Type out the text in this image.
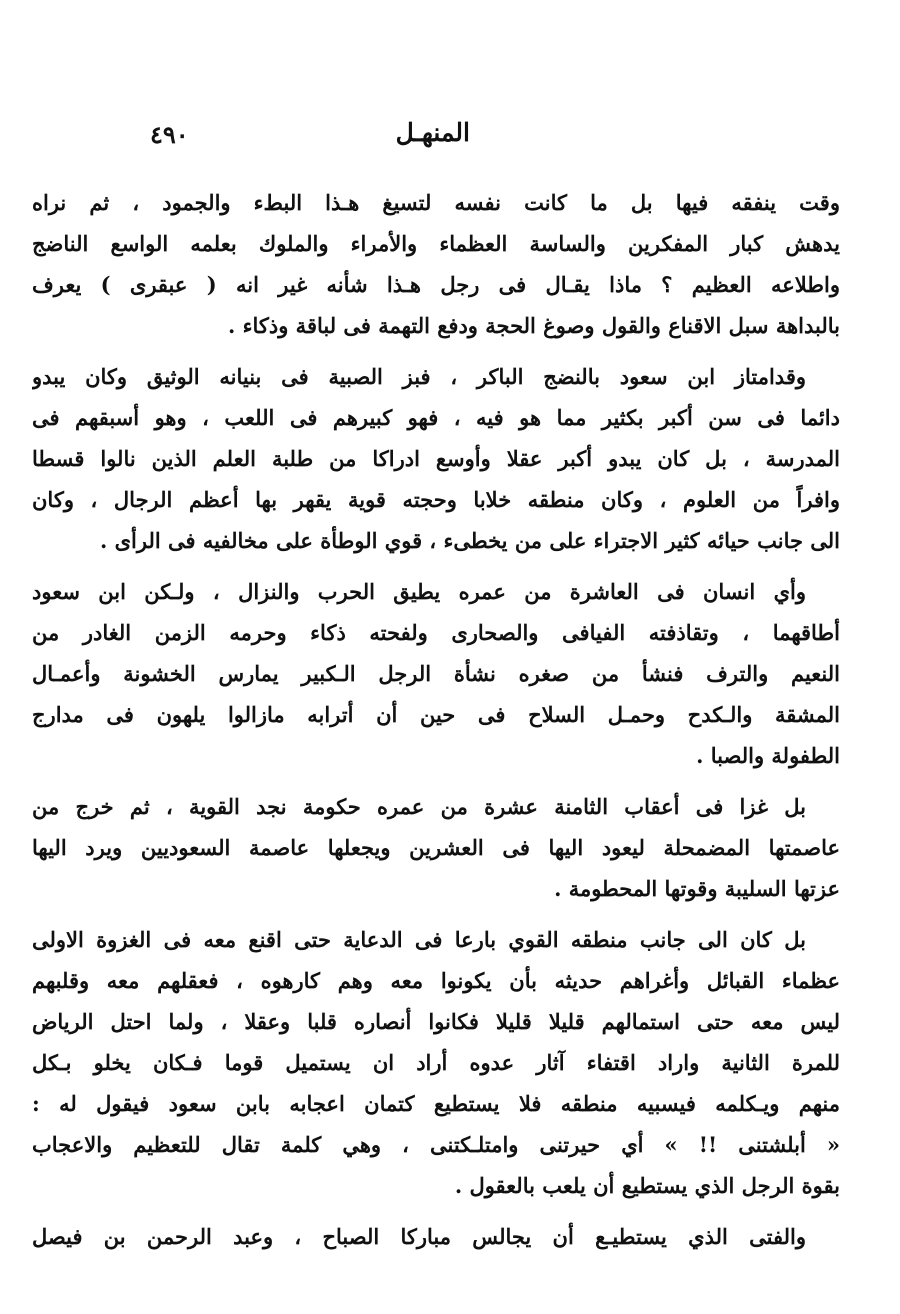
المنهـل
٤٩٠
وقت ينفقه فيها بل ما كانت نفسه لتسيغ هـذا البطء والجمود ، ثم نراه
يدهش كبار المفكرين والساسة العظماء والأمراء والملوك بعلمه الواسع الناضج
واطلاعه العظيم ؟ ماذا يقـال فى رجل هـذا شأنه غير انه ( عبقرى ) يعرف
بالبداهة سبل الاقناع والقول وصوغ الحجة ودفع التهمة فى لباقة وذكاء .
وقدامتاز ابن سعود بالنضج الباكر ، فبز الصبية فى بنيانه الوثيق وكان يبدو
دائما فى سن أكبر بكثير مما هو فيه ، فهو كبيرهم فى اللعب ، وهو أسبقهم فى
المدرسة ، بل كان يبدو أكبر عقلا وأوسع ادراكا من طلبة العلم الذين نالوا قسطا
وافراً من العلوم ، وكان منطقه خلابا وحجته قوية يقهر بها أعظم الرجال ، وكان
الى جانب حيائه كثير الاجتراء على من يخطىء ، قوي الوطأة على مخالفيه فى الرأى .
وأي انسان فى العاشرة من عمره يطيق الحرب والنزال ، ولـكن ابن سعود
أطاقهما ، وتقاذفته الفيافى والصحارى ولفحته ذكاء وحرمه الزمن الغادر من
النعيم والترف فنشأ من صغره نشأة الرجل الـكبير يمارس الخشونة وأعمـال
المشقة والـكدح وحمـل السلاح فى حين أن أترابه مازالوا يلهون فى مدارج
الطفولة والصبا .
بل غزا فى أعقاب الثامنة عشرة من عمره حكومة نجد القوية ، ثم خرج من
عاصمتها المضمحلة ليعود اليها فى العشرين ويجعلها عاصمة السعوديين ويرد اليها
عزتها السليبة وقوتها المحطومة .
بل كان الى جانب منطقه القوي بارعا فى الدعاية حتى اقنع معه فى الغزوة الاولى
عظماء القبائل وأغراهم حديثه بأن يكونوا معه وهم كارهوه ، فعقلهم معه وقلبهم
ليس معه حتى استمالهم قليلا قليلا فكانوا أنصاره قلبا وعقلا ، ولما احتل الرياض
للمرة الثانية واراد اقتفاء آثار عدوه أراد ان يستميل قوما فـكان يخلو بـكل
منهم ويـكلمه فيسبيه منطقه فلا يستطيع كتمان اعجابه بابن سعود فيقول له :
« أبلشتنى !! » أي حيرتنى وامتلـكتنى ، وهي كلمة تقال للتعظيم والاعجاب
بقوة الرجل الذي يستطيع أن يلعب بالعقول .
والفتى الذي يستطيـع أن يجالس مباركا الصباح ، وعبد الرحمن بن فيصل
